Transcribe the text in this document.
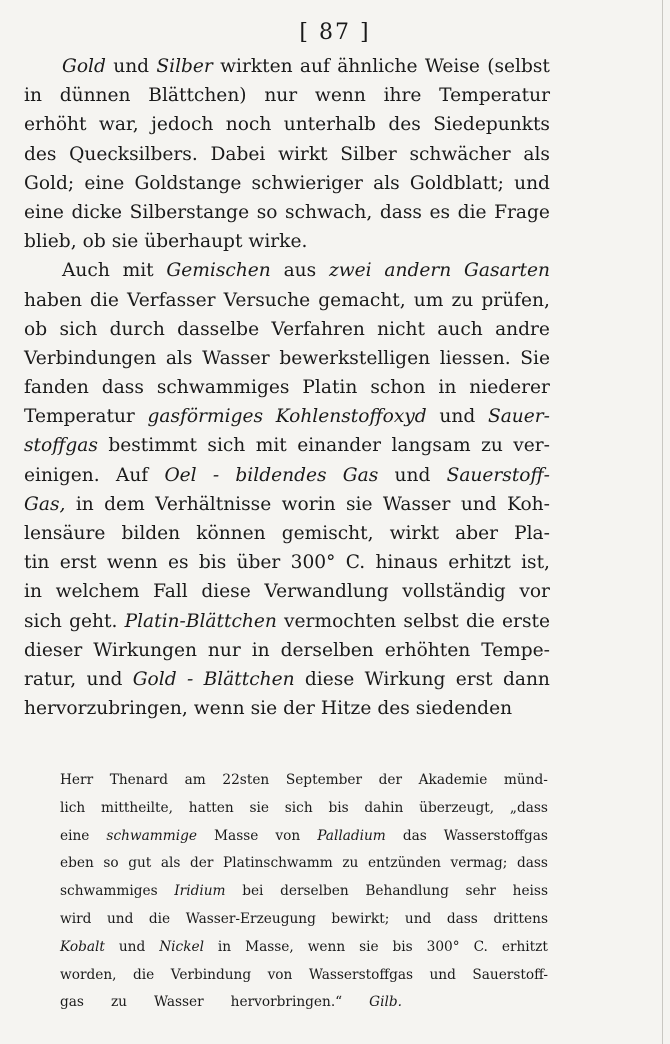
[ 87 ]
Gold und Silber wirkten auf ähnliche Weise (selbst
in dünnen Blättchen) nur wenn ihre Temperatur
erhöht war, jedoch noch unterhalb des Siedepunkts
des Quecksilbers. Dabei wirkt Silber schwächer als
Gold; eine Goldstange schwieriger als Goldblatt; und
eine dicke Silberstange so schwach, dass es die Frage
blieb, ob sie überhaupt wirke.
Auch mit Gemischen aus zwei andern Gasarten
haben die Verfasser Versuche gemacht, um zu prüfen,
ob sich durch dasselbe Verfahren nicht auch andre
Verbindungen als Wasser bewerkstelligen liessen. Sie
fanden dass schwammiges Platin schon in niederer
Temperatur gasförmiges Kohlenstoffoxyd und Sauer-
stoffgas bestimmt sich mit einander langsam zu ver-
einigen. Auf Oel - bildendes Gas und Sauerstoff-
Gas, in dem Verhältnisse worin sie Wasser und Koh-
lensäure bilden können gemischt, wirkt aber Pla-
tin erst wenn es bis über 300° C. hinaus erhitzt ist,
in welchem Fall diese Verwandlung vollständig vor
sich geht. Platin-Blättchen vermochten selbst die erste
dieser Wirkungen nur in derselben erhöhten Tempe-
ratur, und Gold - Blättchen diese Wirkung erst dann
hervorzubringen, wenn sie der Hitze des siedenden
Herr Thenard am 22sten September der Akademie münd-
lich mittheilte, hatten sie sich bis dahin überzeugt, „dass
eine schwammige Masse von Palladium das Wasserstoffgas
eben so gut als der Platinschwamm zu entzünden vermag; dass
schwammiges Iridium bei derselben Behandlung sehr heiss
wird und die Wasser-Erzeugung bewirkt; und dass drittens
Kobalt und Nickel in Masse, wenn sie bis 300° C. erhitzt
worden, die Verbindung von Wasserstoffgas und Sauerstoff-
gas zu Wasser hervorbringen.“ Gilb.
